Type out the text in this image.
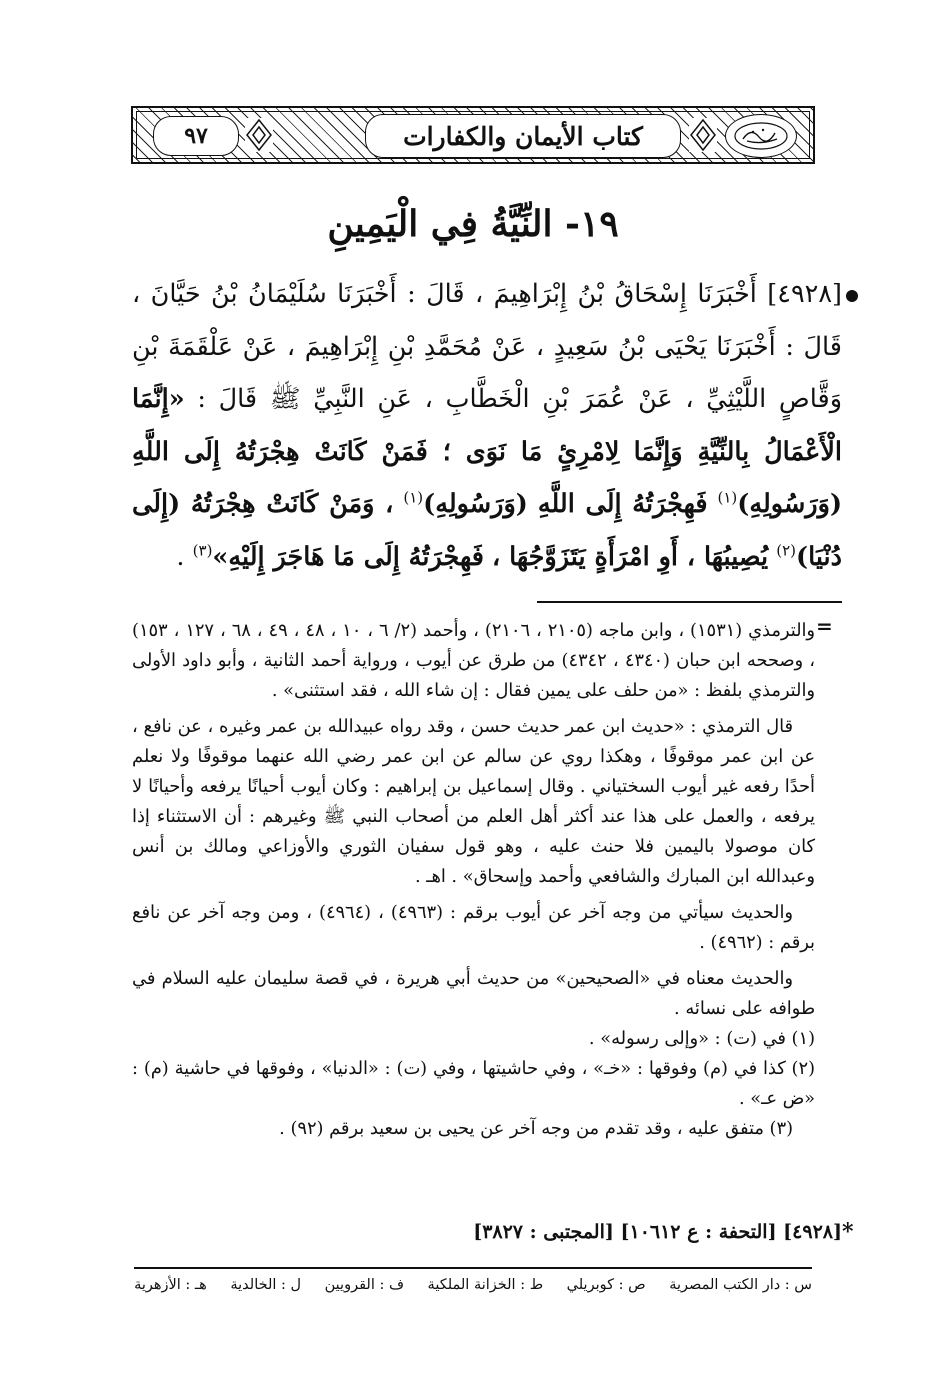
كتاب الأيمان والكفارات
٩٧
١٩- النِّيَّةُ فِي الْيَمِينِ
[٤٩٢٨] أَخْبَرَنَا إِسْحَاقُ بْنُ إِبْرَاهِيمَ ، قَالَ : أَخْبَرَنَا سُلَيْمَانُ بْنُ حَيَّانَ ، قَالَ : أَخْبَرَنَا يَحْيَى بْنُ سَعِيدٍ ، عَنْ مُحَمَّدِ بْنِ إِبْرَاهِيمَ ، عَنْ عَلْقَمَةَ بْنِ وَقَّاصٍ اللَّيْثِيِّ ، عَنْ عُمَرَ بْنِ الْخَطَّابِ ، عَنِ النَّبِيِّ ﷺ قَالَ : «إِنَّمَا الْأَعْمَالُ بِالنِّيَّةِ وَإِنَّمَا لِامْرِئٍ مَا نَوَى ؛ فَمَنْ كَانَتْ هِجْرَتُهُ إِلَى اللَّهِ (وَرَسُولِهِ)$^{(١)}$ فَهِجْرَتُهُ إِلَى اللَّهِ (وَرَسُولِهِ)$^{(١)}$ ، وَمَنْ كَانَتْ هِجْرَتُهُ (إِلَى دُنْيَا)$^{(٢)}$ يُصِيبُهَا ، أَوِ امْرَأَةٍ يَتَزَوَّجُهَا ، فَهِجْرَتُهُ إِلَى مَا هَاجَرَ إِلَيْهِ»$^{(٣)}$ .
=

والترمذي (١٥٣١) ، وابن ماجه (٢١٠٥ ، ٢١٠٦) ، وأحمد (٢/ ٦ ، ١٠ ، ٤٨ ، ٤٩ ، ٦٨ ، ١٢٧ ، ١٥٣) ، وصححه ابن حبان (٤٣٤٠ ، ٤٣٤٢) من طرق عن أيوب ، ورواية أحمد الثانية ، وأبو داود الأولى والترمذي بلفظ : «من حلف على يمين فقال : إن شاء الله ، فقد استثنى» .

قال الترمذي : «حديث ابن عمر حديث حسن ، وقد رواه عبيدالله بن عمر وغيره ، عن نافع ، عن ابن عمر موقوفًا ، وهكذا روي عن سالم عن ابن عمر رضي الله عنهما موقوفًا ولا نعلم أحدًا رفعه غير أيوب السختياني . وقال إسماعيل بن إبراهيم : وكان أيوب أحيانًا يرفعه وأحيانًا لا يرفعه ، والعمل على هذا عند أكثر أهل العلم من أصحاب النبي ﷺ وغيرهم : أن الاستثناء إذا كان موصولا باليمين فلا حنث عليه ، وهو قول سفيان الثوري والأوزاعي ومالك بن أنس وعبدالله ابن المبارك والشافعي وأحمد وإسحاق» . اهـ .

والحديث سيأتي من وجه آخر عن أيوب برقم : (٤٩٦٣) ، (٤٩٦٤) ، ومن وجه آخر عن نافع برقم : (٤٩٦٢) .

والحديث معناه في «الصحيحين» من حديث أبي هريرة ، في قصة سليمان عليه السلام في طوافه على نسائه .

(١) في (ت) : «وإلى رسوله» .

(٢) كذا في (م) وفوقها : «خـ» ، وفي حاشيتها ، وفي (ت) : «الدنيا» ، وفوقها في حاشية (م) : «ض عـ» .

(٣) متفق عليه ، وقد تقدم من وجه آخر عن يحيى بن سعيد برقم (٩٢) .

*
[٤٩٢٨] [التحفة : ع ١٠٦١٢] [المجتبى : ٣٨٢٧]
س : دار الكتب المصرية
ص : كوبريلي
ط : الخزانة الملكية
ف : القرويين
ل : الخالدية
هـ : الأزهرية
